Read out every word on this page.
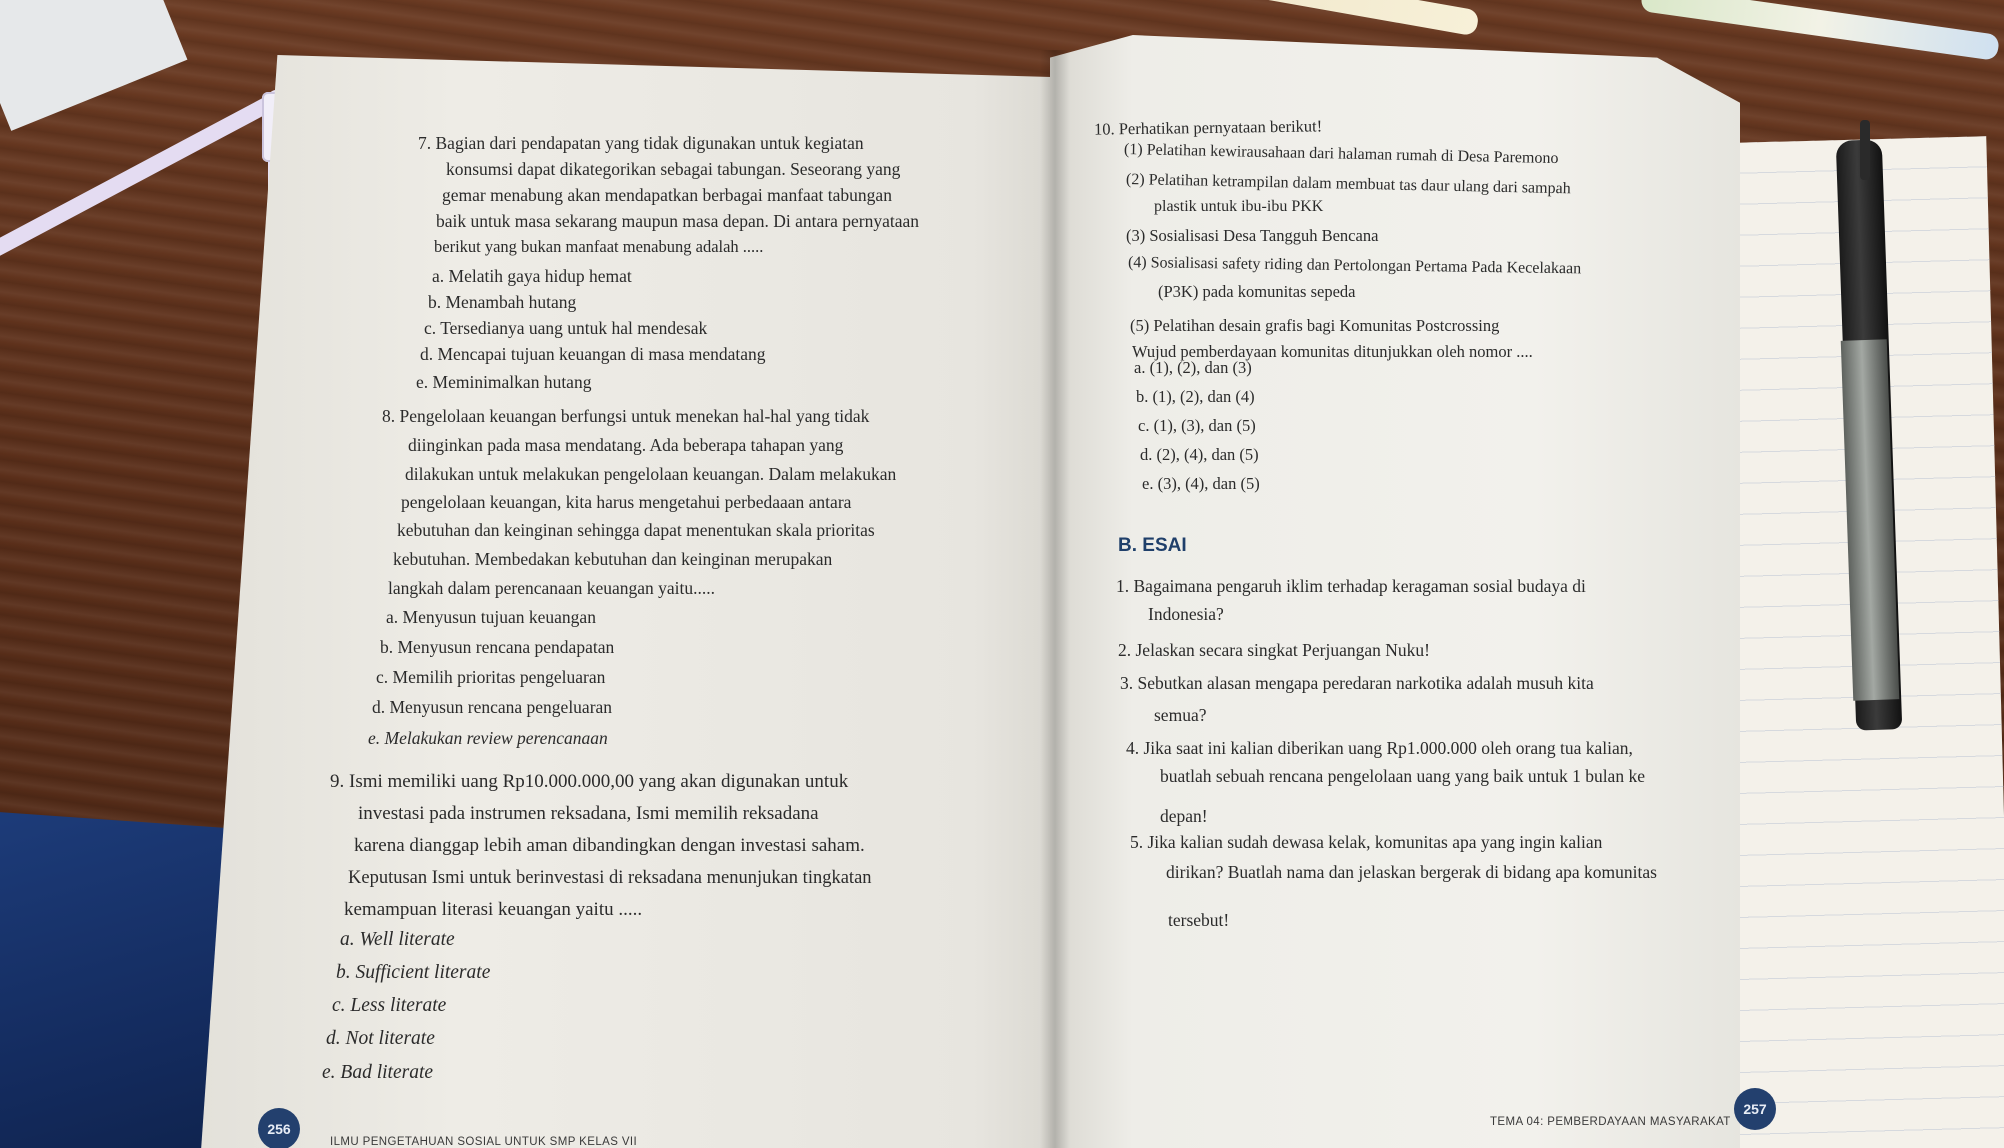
7. Bagian dari pendapatan yang tidak digunakan untuk kegiatan
konsumsi dapat dikategorikan sebagai tabungan. Seseorang yang
gemar menabung akan mendapatkan berbagai manfaat tabungan
baik untuk masa sekarang maupun masa depan. Di antara pernyataan
berikut yang bukan manfaat menabung adalah .....
a. Melatih gaya hidup hemat
b. Menambah hutang
c. Tersedianya uang untuk hal mendesak
d. Mencapai tujuan keuangan di masa mendatang
e. Meminimalkan hutang
8. Pengelolaan keuangan berfungsi untuk menekan hal-hal yang tidak
diinginkan pada masa mendatang. Ada beberapa tahapan yang
dilakukan untuk melakukan pengelolaan keuangan. Dalam melakukan
pengelolaan keuangan, kita harus mengetahui perbedaaan antara
kebutuhan dan keinginan sehingga dapat menentukan skala prioritas
kebutuhan. Membedakan kebutuhan dan keinginan merupakan
langkah dalam perencanaan keuangan yaitu.....
a. Menyusun tujuan keuangan
b. Menyusun rencana pendapatan
c. Memilih prioritas pengeluaran
d. Menyusun rencana pengeluaran
e. Melakukan review perencanaan
9. Ismi memiliki uang Rp10.000.000,00 yang akan digunakan untuk
investasi pada instrumen reksadana, Ismi memilih reksadana
karena dianggap lebih aman dibandingkan dengan investasi saham.
Keputusan Ismi untuk berinvestasi di reksadana menunjukan tingkatan
kemampuan literasi keuangan yaitu .....
a. Well literate
b. Sufficient literate
c. Less literate
d. Not literate
e. Bad literate
256
ILMU PENGETAHUAN SOSIAL UNTUK SMP KELAS VII
10. Perhatikan pernyataan berikut!
(1) Pelatihan kewirausahaan dari halaman rumah di Desa Paremono
(2) Pelatihan ketrampilan dalam membuat tas daur ulang dari sampah
plastik untuk ibu-ibu PKK
(3) Sosialisasi Desa Tangguh Bencana
(4) Sosialisasi safety riding dan Pertolongan Pertama Pada Kecelakaan
(P3K) pada komunitas sepeda
(5) Pelatihan desain grafis bagi Komunitas Postcrossing
Wujud pemberdayaan komunitas ditunjukkan oleh nomor ....
a. (1), (2), dan (3)
b. (1), (2), dan (4)
c. (1), (3), dan (5)
d. (2), (4), dan (5)
e. (3), (4), dan (5)
B. ESAI
1. Bagaimana pengaruh iklim terhadap keragaman sosial budaya di
Indonesia?
2. Jelaskan secara singkat Perjuangan Nuku!
3. Sebutkan alasan mengapa peredaran narkotika adalah musuh kita
semua?
4. Jika saat ini kalian diberikan uang Rp1.000.000 oleh orang tua kalian,
buatlah sebuah rencana pengelolaan uang yang baik untuk 1 bulan ke
depan!
5. Jika kalian sudah dewasa kelak, komunitas apa yang ingin kalian
dirikan? Buatlah nama dan jelaskan bergerak di bidang apa komunitas
tersebut!
TEMA 04: PEMBERDAYAAN MASYARAKAT
257
